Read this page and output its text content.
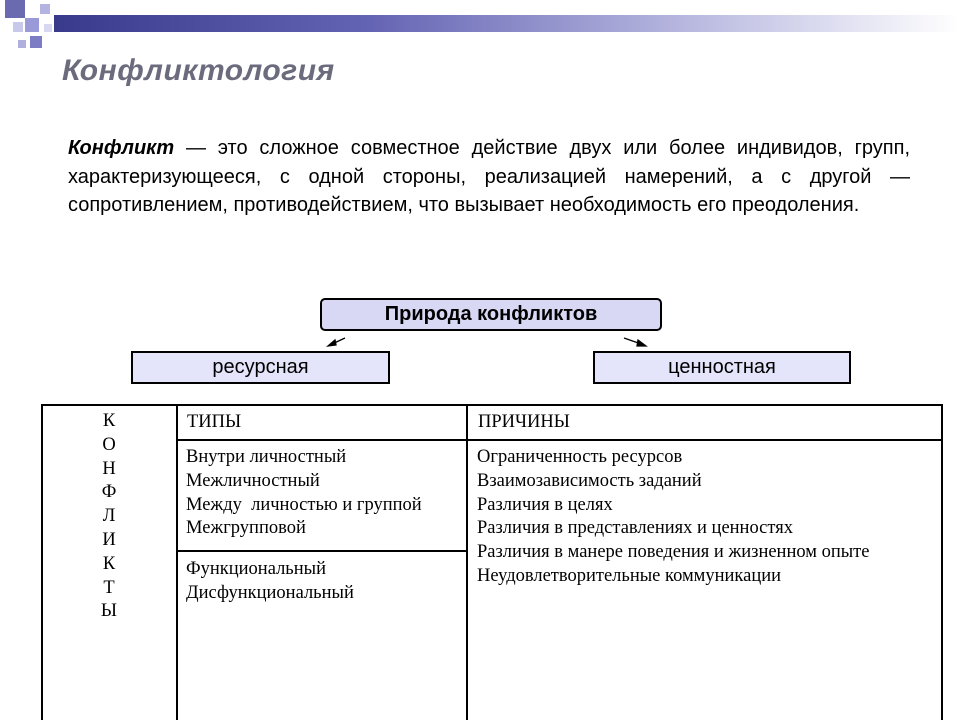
Конфликтология

Конфликт — это сложное совместное действие двух или более индивидов, групп, характеризующееся, с одной стороны, реализацией намерений, а с другой — сопротивлением, противодействием, что вызывает необходимость его преодоления.

Природа конфликтов
ресурсная	ценностная
К
О
Н
Ф
Л
И
К
Т
Ы
ТИПЫ	ПРИЧИНЫ
Внутри личностный
Межличностный
Между  личностью и группой
Межгрупповой
Функциональный
Дисфункциональный
Ограниченность ресурсов
Взаимозависимость заданий
Различия в целях
Различия в представлениях и ценностях
Различия в манере поведения и жизненном опыте
Неудовлетворительные коммуникации
